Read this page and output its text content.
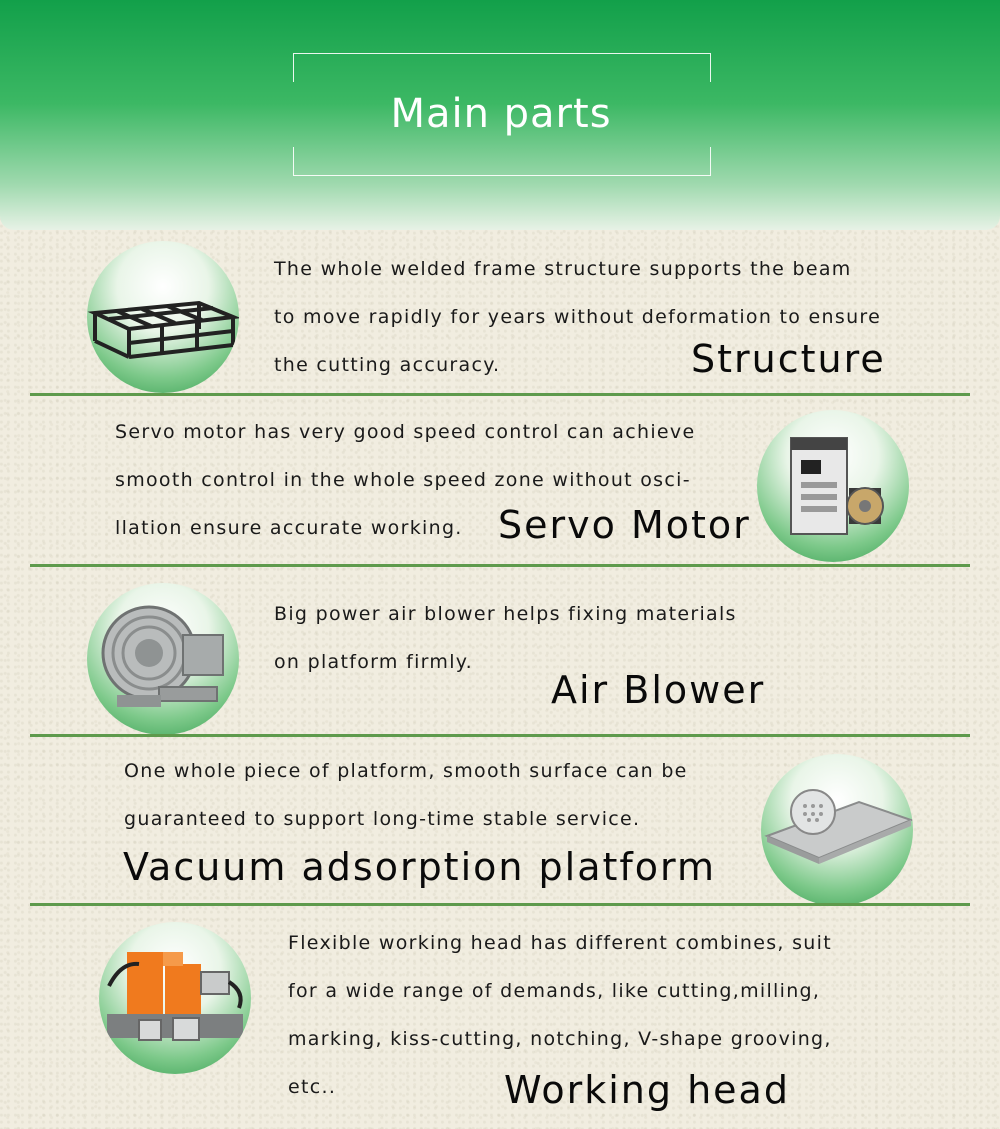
Main parts
The whole welded frame structure supports the beam
to move rapidly for years without deformation to ensure
the cutting accuracy.	Structure
Servo motor has very good speed control can achieve
smooth control in the whole speed zone without osci-
llation ensure accurate working. Servo Motor
Big power air blower helps fixing materials
on platform firmly.
Air Blower
One whole piece of platform, smooth surface can be
guaranteed to support long-time stable service.
Vacuum adsorption platform
Flexible working head has different combines, suit
for a wide range of demands, like cutting,milling,
marking, kiss-cutting, notching, V-shape grooving,
etc..	Working head
